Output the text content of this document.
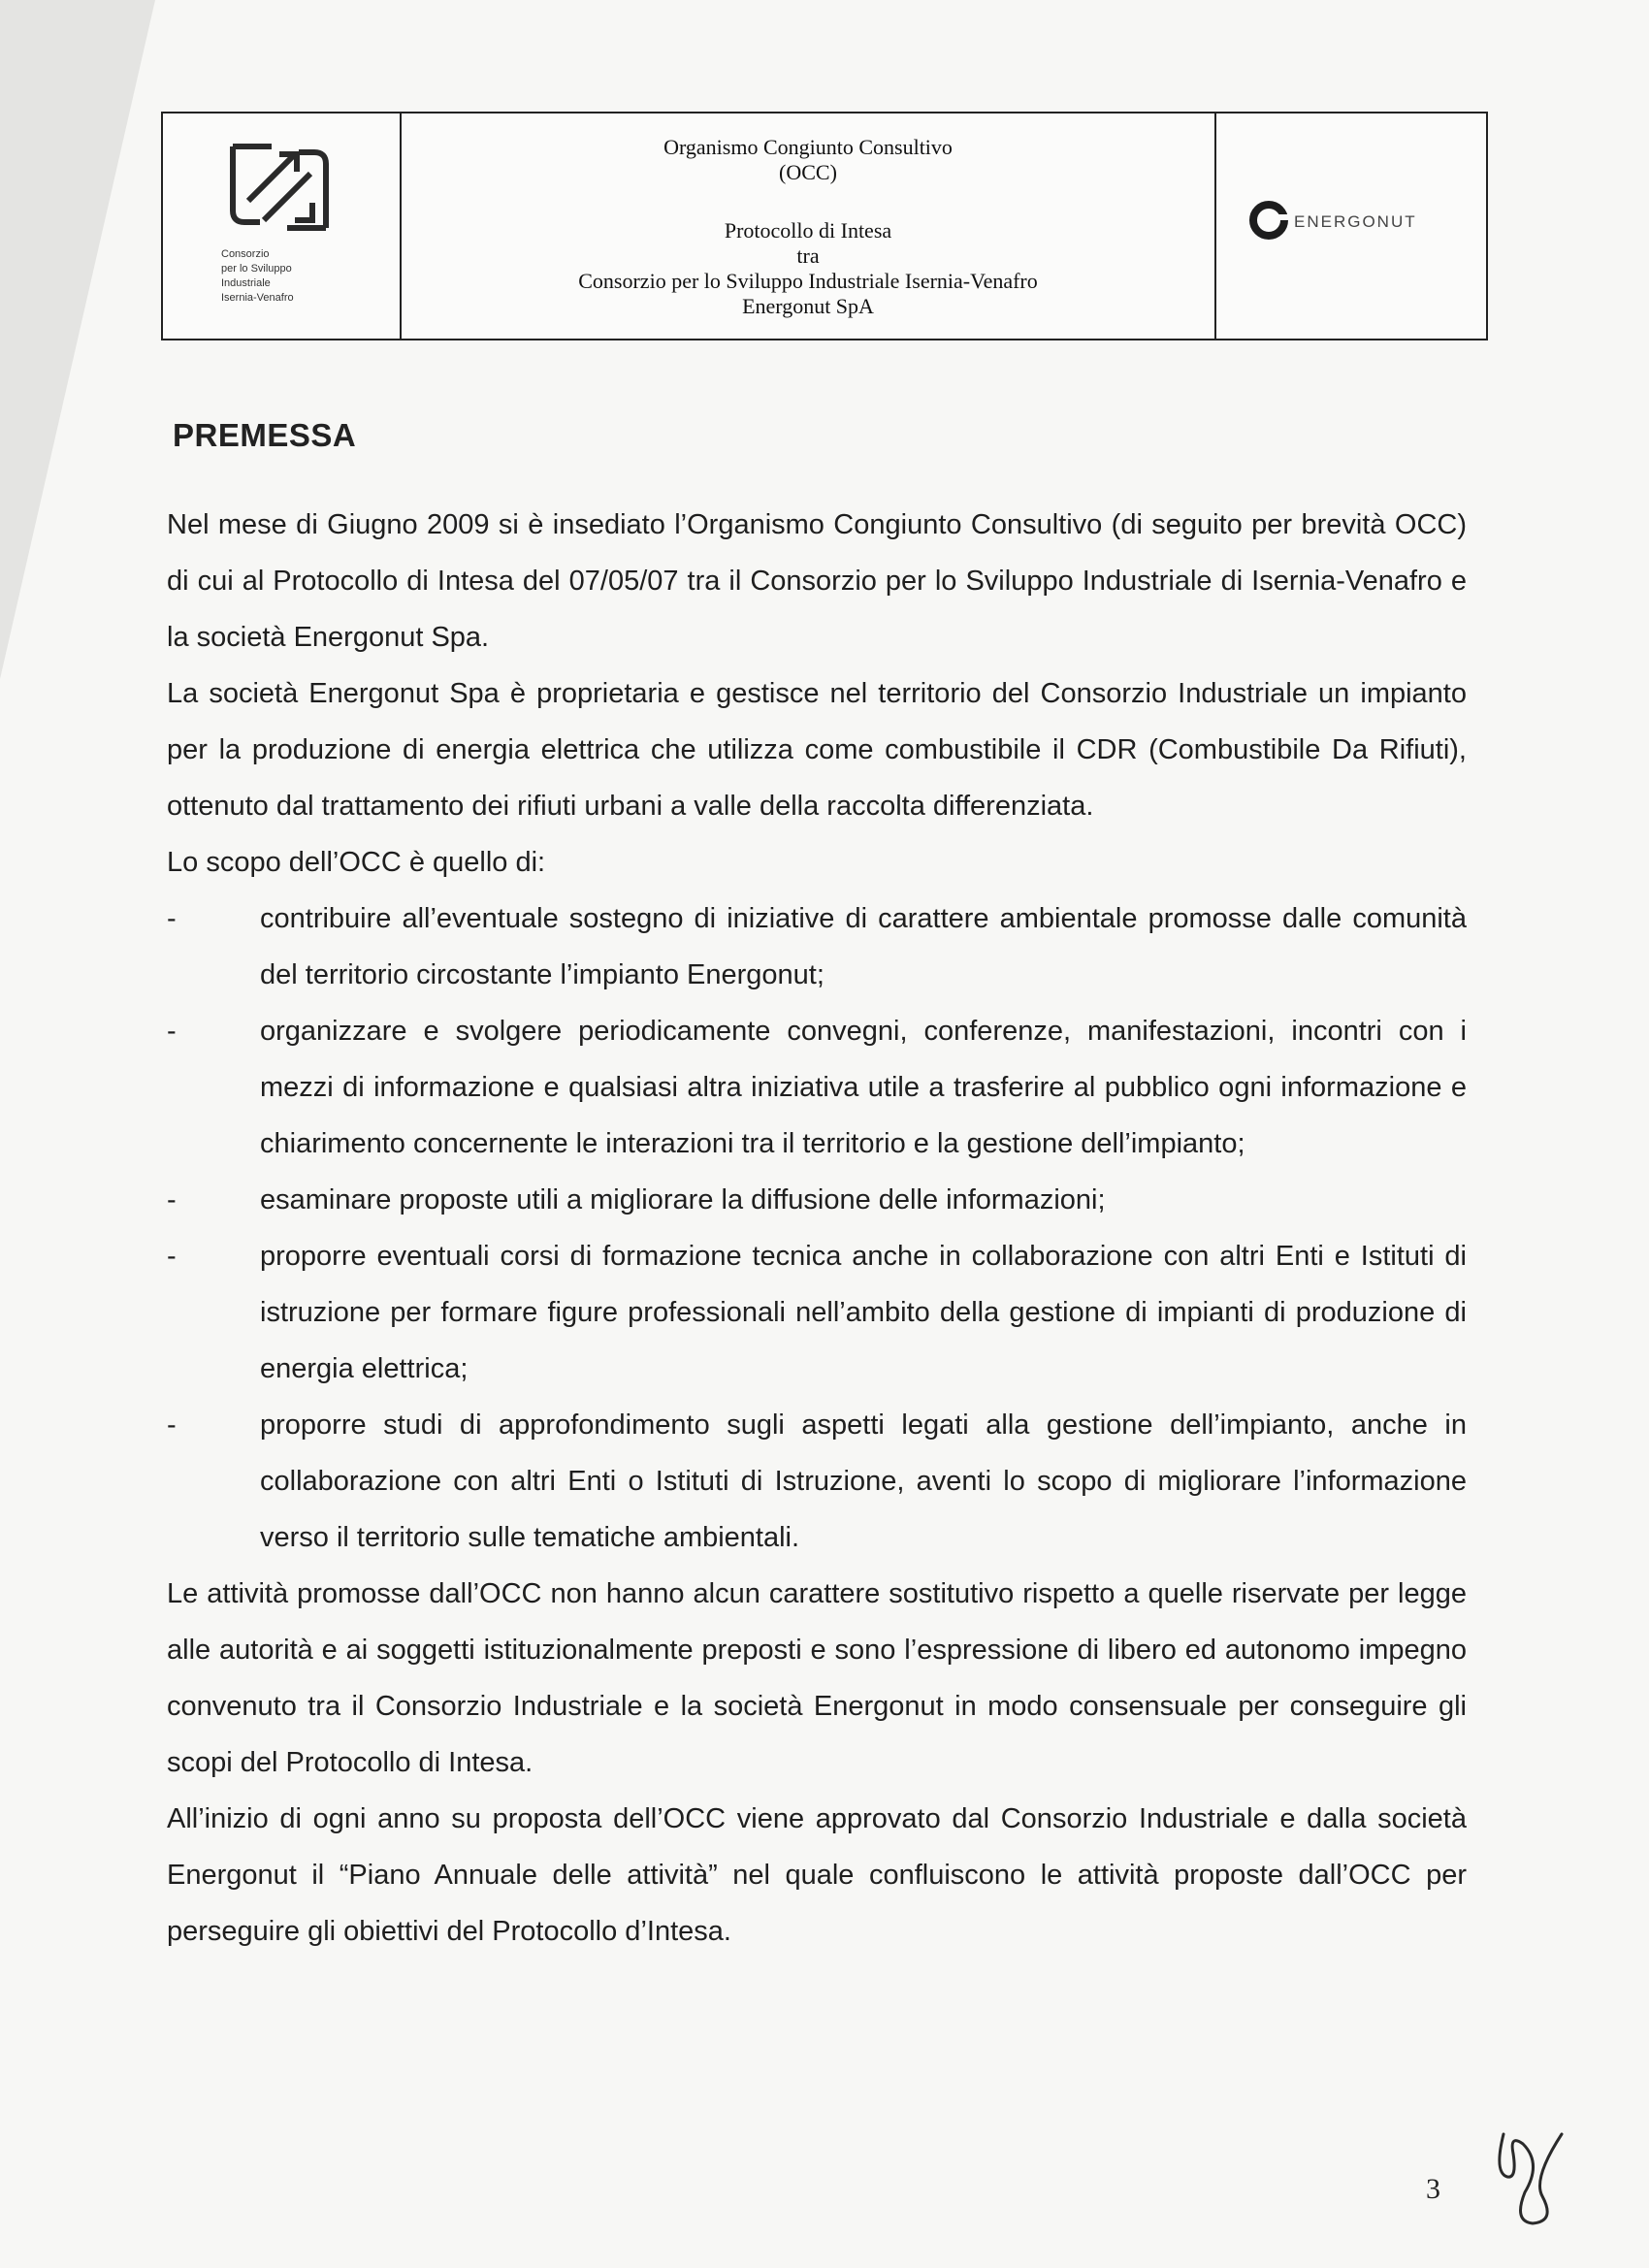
Consorzio
per lo Sviluppo
Industriale
Isernia-Venafro
Organismo Congiunto Consultivo
(OCC)
Protocollo di Intesa
tra
Consorzio per lo Sviluppo Industriale Isernia-Venafro
Energonut SpA
ENERGONUT
PREMESSA

Nel mese di Giugno 2009 si è insediato l’Organismo Congiunto Consultivo (di seguito per brevità OCC) di cui al Protocollo di Intesa del 07/05/07 tra il Consorzio per lo Sviluppo Industriale di Isernia-Venafro e la società Energonut Spa.

La società Energonut Spa è proprietaria e gestisce nel territorio del Consorzio Industriale un impianto per la produzione di energia elettrica che utilizza come combustibile il CDR (Combustibile Da Rifiuti), ottenuto dal trattamento dei rifiuti urbani a valle della raccolta differenziata.

Lo scopo dell’OCC è quello di:

-	contribuire all’eventuale sostegno di iniziative di carattere ambientale promosse dalle comunità del territorio circostante l’impianto Energonut;
-	organizzare e svolgere periodicamente convegni, conferenze, manifestazioni, incontri con i mezzi di informazione e qualsiasi altra iniziativa utile a trasferire al pubblico ogni informazione e chiarimento concernente le interazioni tra il territorio e la gestione dell’impianto;
-	esaminare proposte utili a migliorare la diffusione delle informazioni;
-	proporre eventuali corsi di formazione tecnica anche in collaborazione con altri Enti e Istituti di istruzione per formare figure professionali nell’ambito della gestione di impianti di produzione di energia elettrica;
-	proporre studi di approfondimento sugli aspetti legati alla gestione dell’impianto, anche in collaborazione con altri Enti o Istituti di Istruzione, aventi lo scopo di migliorare l’informazione verso il territorio sulle tematiche ambientali.

Le attività promosse dall’OCC non hanno alcun carattere sostitutivo rispetto a quelle riservate per legge alle autorità e ai soggetti istituzionalmente preposti e sono l’espressione di libero ed autonomo impegno convenuto tra il Consorzio Industriale e la società Energonut in modo consensuale per conseguire gli scopi del Protocollo di Intesa.

All’inizio di ogni anno su proposta dell’OCC viene approvato dal Consorzio Industriale e dalla società Energonut il “Piano Annuale delle attività” nel quale confluiscono le attività proposte dall’OCC per perseguire gli obiettivi del Protocollo d’Intesa.

3
